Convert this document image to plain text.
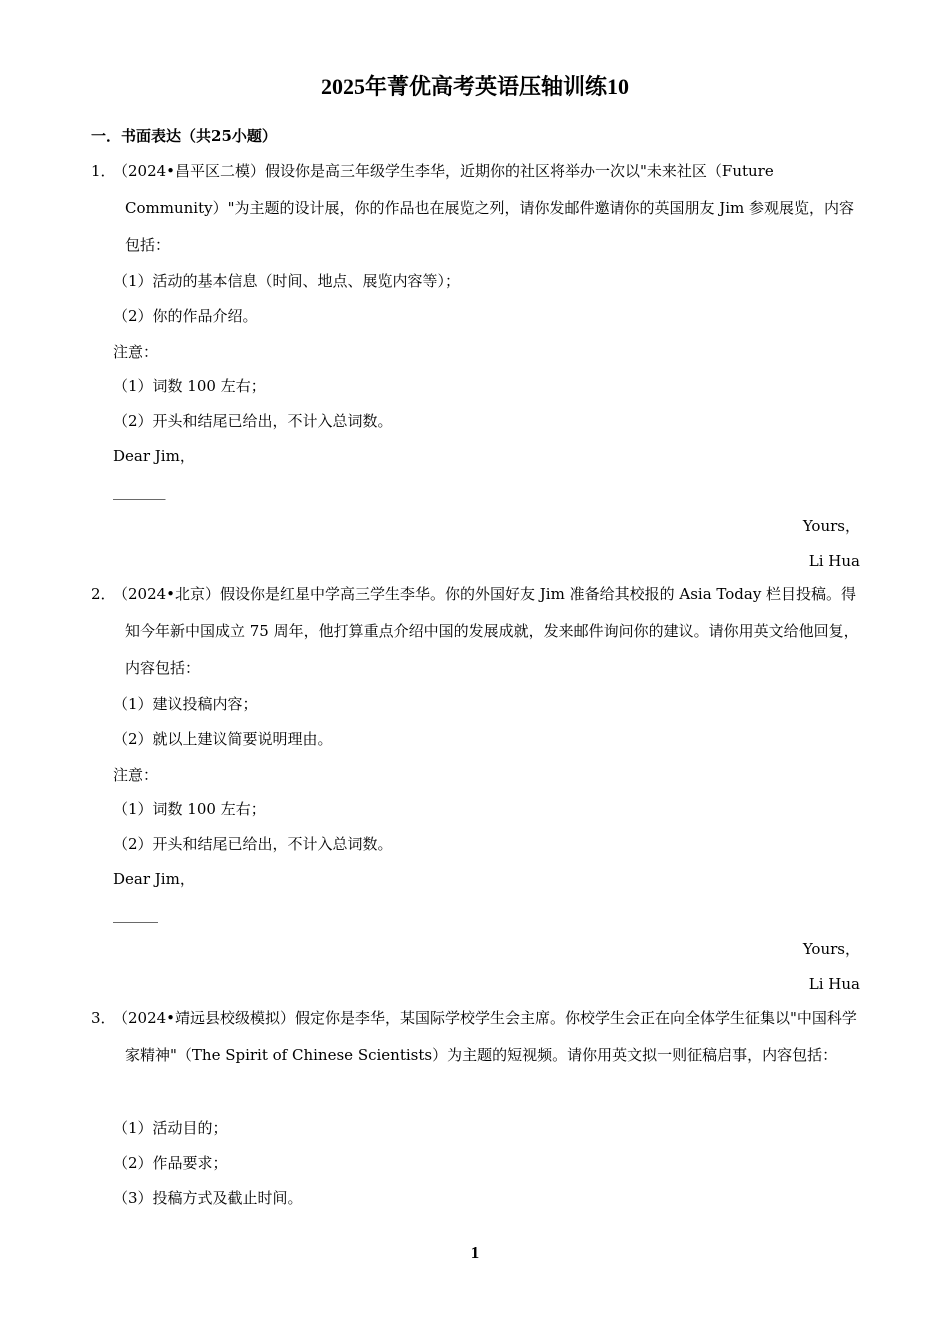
2025年菁优高考英语压轴训练10
一．书面表达（共25小题）
1．
（2024•昌平区二模）假设你是高三年级学生李华，近期你的社区将举办一次以"未来社区（Future Community）"为主题的设计展，你的作品也在展览之列，请你发邮件邀请你的英国朋友 Jim 参观展览，内容包括：
（1）活动的基本信息（时间、地点、展览内容等）；
（2）你的作品介绍。
注意：
（1）词数 100 左右；
（2）开头和结尾已给出，不计入总词数。
Dear Jim，
_______
Yours，
Li Hua
2．
（2024•北京）假设你是红星中学高三学生李华。你的外国好友 Jim 准备给其校报的 Asia Today 栏目投稿。得知今年新中国成立 75 周年，他打算重点介绍中国的发展成就，发来邮件询问你的建议。请你用英文给他回复，内容包括：
（1）建议投稿内容；
（2）就以上建议简要说明理由。
注意：
（1）词数 100 左右；
（2）开头和结尾已给出，不计入总词数。
Dear Jim，
______
Yours，
Li Hua
3．
（2024•靖远县校级模拟）假定你是李华，某国际学校学生会主席。你校学生会正在向全体学生征集以"中国科学家精神"（The Spirit of Chinese Scientists）为主题的短视频。请你用英文拟一则征稿启事，内容包括：
（1）活动目的；
（2）作品要求；
（3）投稿方式及截止时间。
1
